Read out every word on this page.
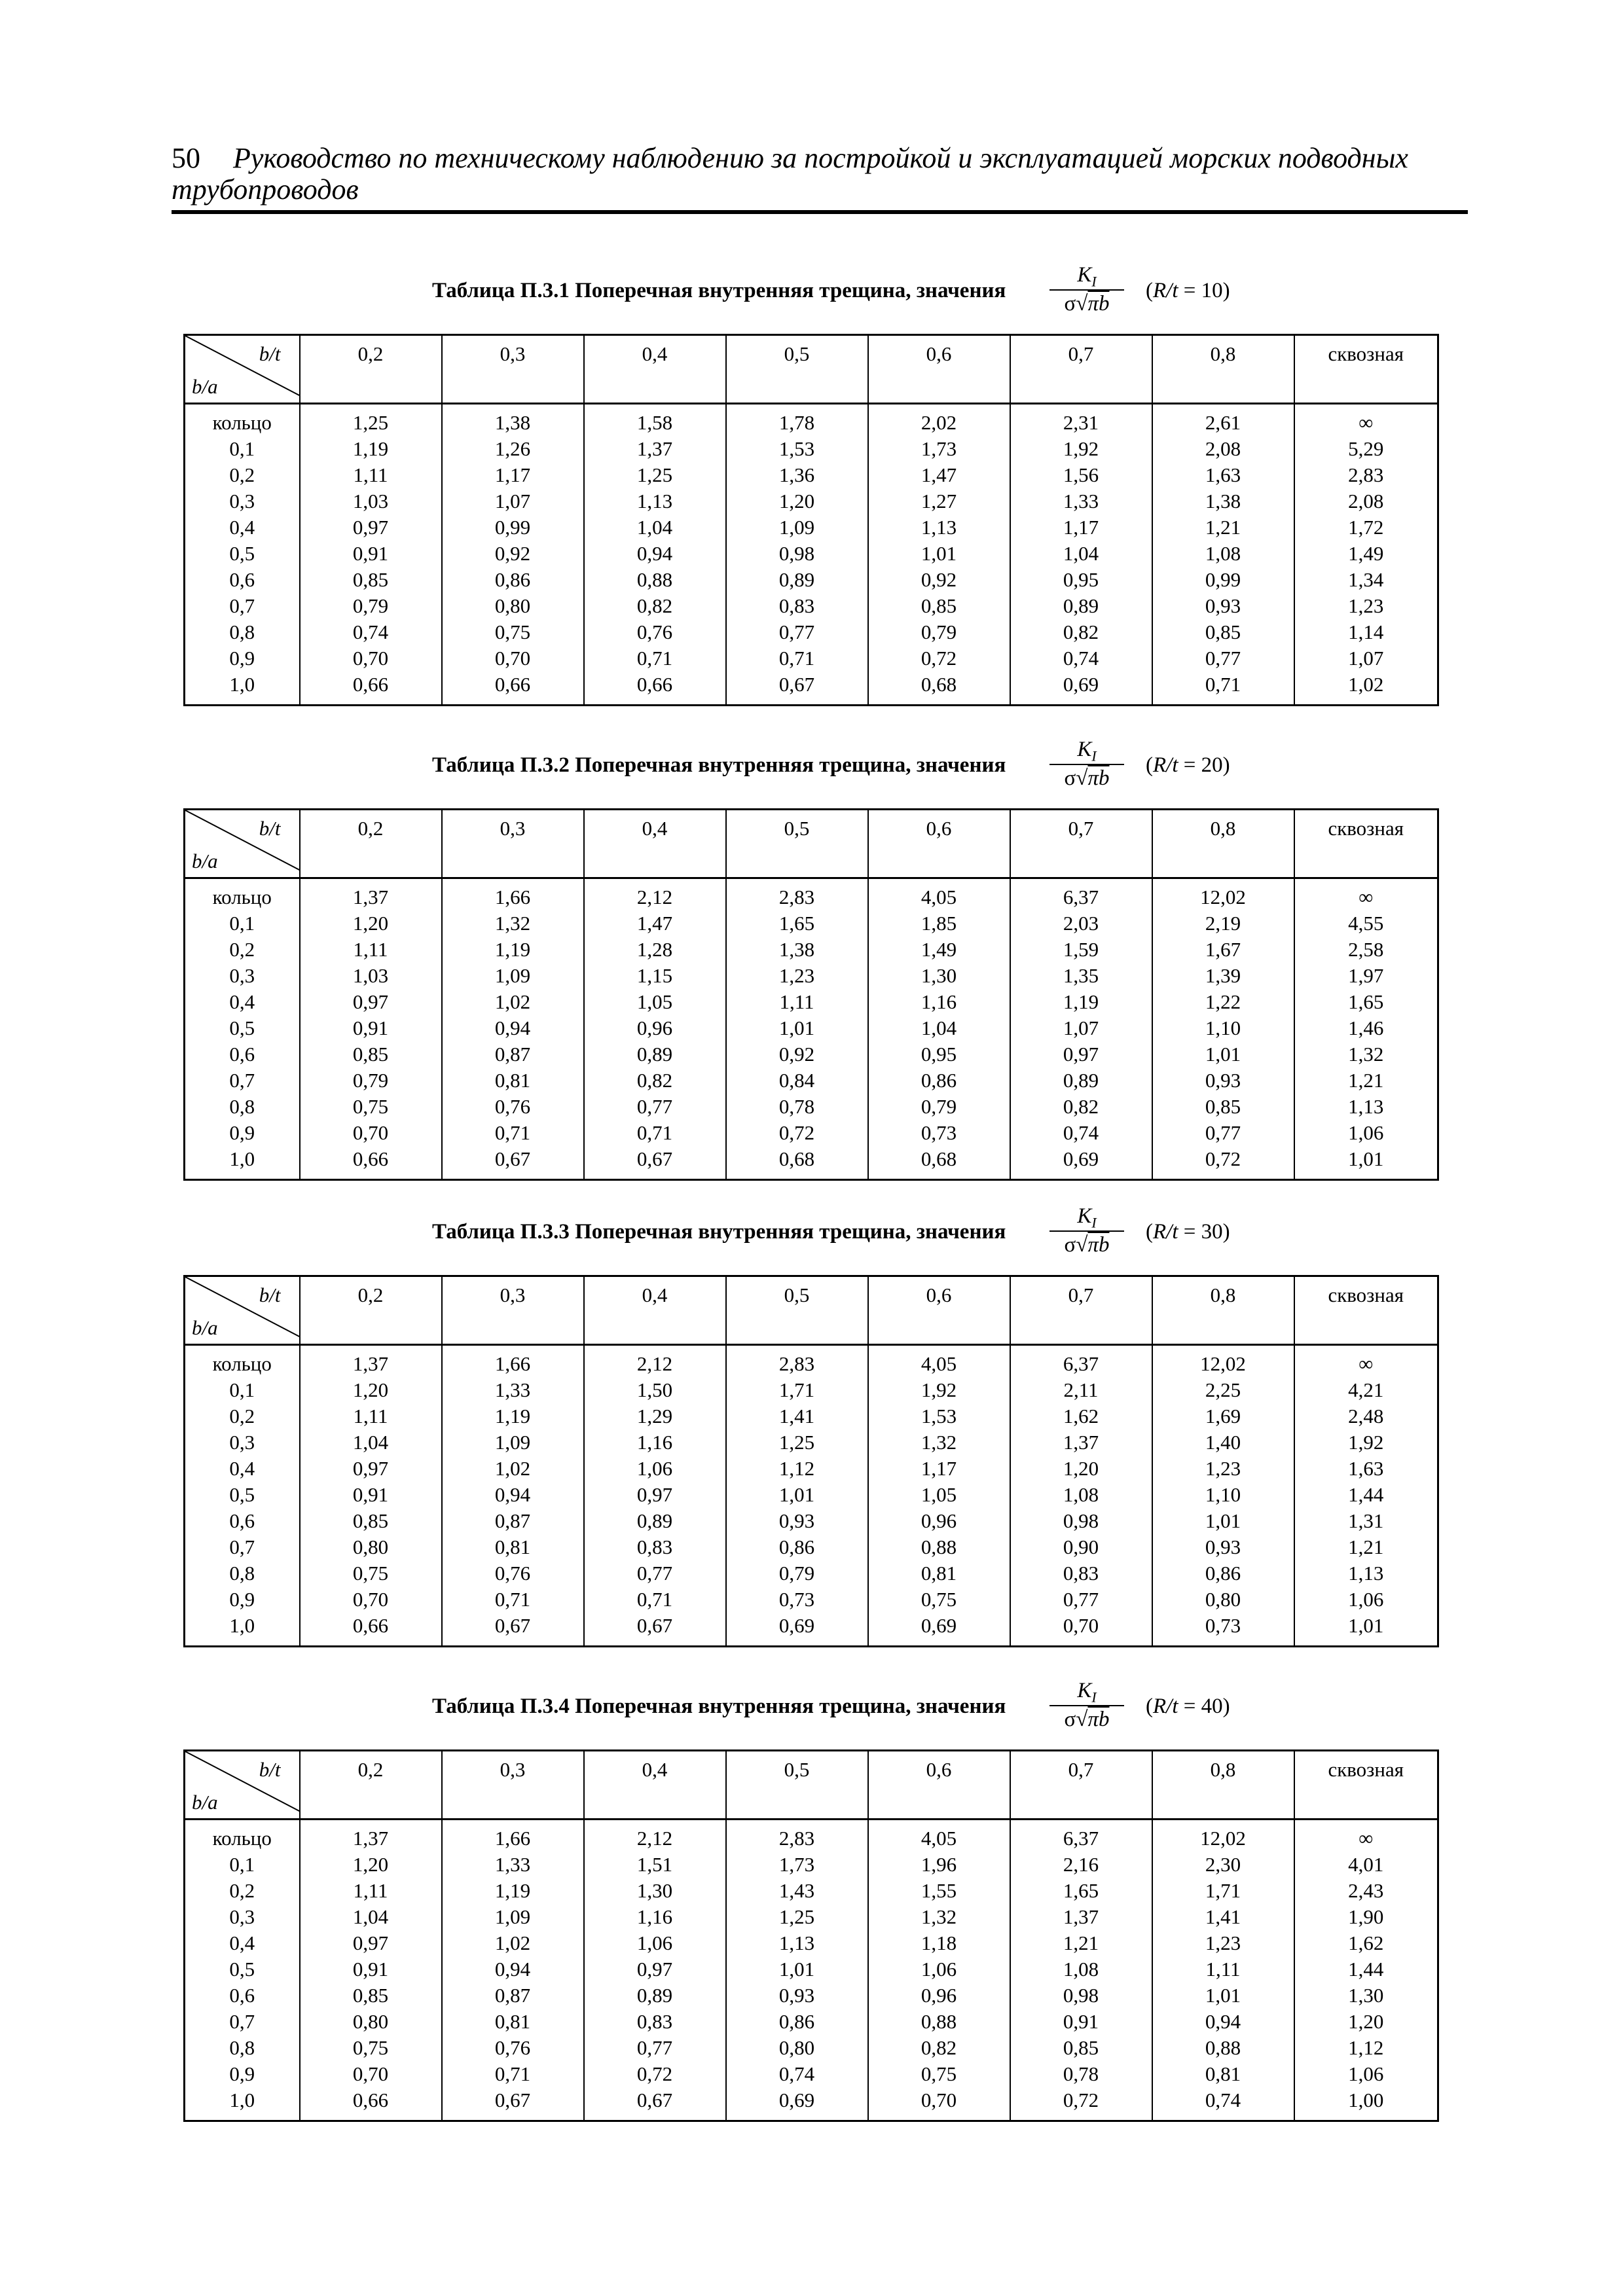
50 Руководство по техническому наблюдению за постройкой и эксплуатацией морских подводных трубопроводов
Таблица П.3.1 Поперечная внутренняя трещина, значения
$K_I$
σ√πb
(R/t = 10)
b/t
b/a	0,2	0,3	0,4	0,5	0,6	0,7	0,8	сквозная
кольцо	1,25	1,38	1,58	1,78	2,02	2,31	2,61	∞
0,1	1,19	1,26	1,37	1,53	1,73	1,92	2,08	5,29
0,2	1,11	1,17	1,25	1,36	1,47	1,56	1,63	2,83
0,3	1,03	1,07	1,13	1,20	1,27	1,33	1,38	2,08
0,4	0,97	0,99	1,04	1,09	1,13	1,17	1,21	1,72
0,5	0,91	0,92	0,94	0,98	1,01	1,04	1,08	1,49
0,6	0,85	0,86	0,88	0,89	0,92	0,95	0,99	1,34
0,7	0,79	0,80	0,82	0,83	0,85	0,89	0,93	1,23
0,8	0,74	0,75	0,76	0,77	0,79	0,82	0,85	1,14
0,9	0,70	0,70	0,71	0,71	0,72	0,74	0,77	1,07
1,0	0,66	0,66	0,66	0,67	0,68	0,69	0,71	1,02
Таблица П.3.2 Поперечная внутренняя трещина, значения
$K_I$
σ√πb
(R/t = 20)
b/t
b/a	0,2	0,3	0,4	0,5	0,6	0,7	0,8	сквозная
кольцо	1,37	1,66	2,12	2,83	4,05	6,37	12,02	∞
0,1	1,20	1,32	1,47	1,65	1,85	2,03	2,19	4,55
0,2	1,11	1,19	1,28	1,38	1,49	1,59	1,67	2,58
0,3	1,03	1,09	1,15	1,23	1,30	1,35	1,39	1,97
0,4	0,97	1,02	1,05	1,11	1,16	1,19	1,22	1,65
0,5	0,91	0,94	0,96	1,01	1,04	1,07	1,10	1,46
0,6	0,85	0,87	0,89	0,92	0,95	0,97	1,01	1,32
0,7	0,79	0,81	0,82	0,84	0,86	0,89	0,93	1,21
0,8	0,75	0,76	0,77	0,78	0,79	0,82	0,85	1,13
0,9	0,70	0,71	0,71	0,72	0,73	0,74	0,77	1,06
1,0	0,66	0,67	0,67	0,68	0,68	0,69	0,72	1,01
Таблица П.3.3 Поперечная внутренняя трещина, значения
$K_I$
σ√πb
(R/t = 30)
b/t
b/a	0,2	0,3	0,4	0,5	0,6	0,7	0,8	сквозная
кольцо	1,37	1,66	2,12	2,83	4,05	6,37	12,02	∞
0,1	1,20	1,33	1,50	1,71	1,92	2,11	2,25	4,21
0,2	1,11	1,19	1,29	1,41	1,53	1,62	1,69	2,48
0,3	1,04	1,09	1,16	1,25	1,32	1,37	1,40	1,92
0,4	0,97	1,02	1,06	1,12	1,17	1,20	1,23	1,63
0,5	0,91	0,94	0,97	1,01	1,05	1,08	1,10	1,44
0,6	0,85	0,87	0,89	0,93	0,96	0,98	1,01	1,31
0,7	0,80	0,81	0,83	0,86	0,88	0,90	0,93	1,21
0,8	0,75	0,76	0,77	0,79	0,81	0,83	0,86	1,13
0,9	0,70	0,71	0,71	0,73	0,75	0,77	0,80	1,06
1,0	0,66	0,67	0,67	0,69	0,69	0,70	0,73	1,01
Таблица П.3.4 Поперечная внутренняя трещина, значения
$K_I$
σ√πb
(R/t = 40)
b/t
b/a	0,2	0,3	0,4	0,5	0,6	0,7	0,8	сквозная
кольцо	1,37	1,66	2,12	2,83	4,05	6,37	12,02	∞
0,1	1,20	1,33	1,51	1,73	1,96	2,16	2,30	4,01
0,2	1,11	1,19	1,30	1,43	1,55	1,65	1,71	2,43
0,3	1,04	1,09	1,16	1,25	1,32	1,37	1,41	1,90
0,4	0,97	1,02	1,06	1,13	1,18	1,21	1,23	1,62
0,5	0,91	0,94	0,97	1,01	1,06	1,08	1,11	1,44
0,6	0,85	0,87	0,89	0,93	0,96	0,98	1,01	1,30
0,7	0,80	0,81	0,83	0,86	0,88	0,91	0,94	1,20
0,8	0,75	0,76	0,77	0,80	0,82	0,85	0,88	1,12
0,9	0,70	0,71	0,72	0,74	0,75	0,78	0,81	1,06
1,0	0,66	0,67	0,67	0,69	0,70	0,72	0,74	1,00
